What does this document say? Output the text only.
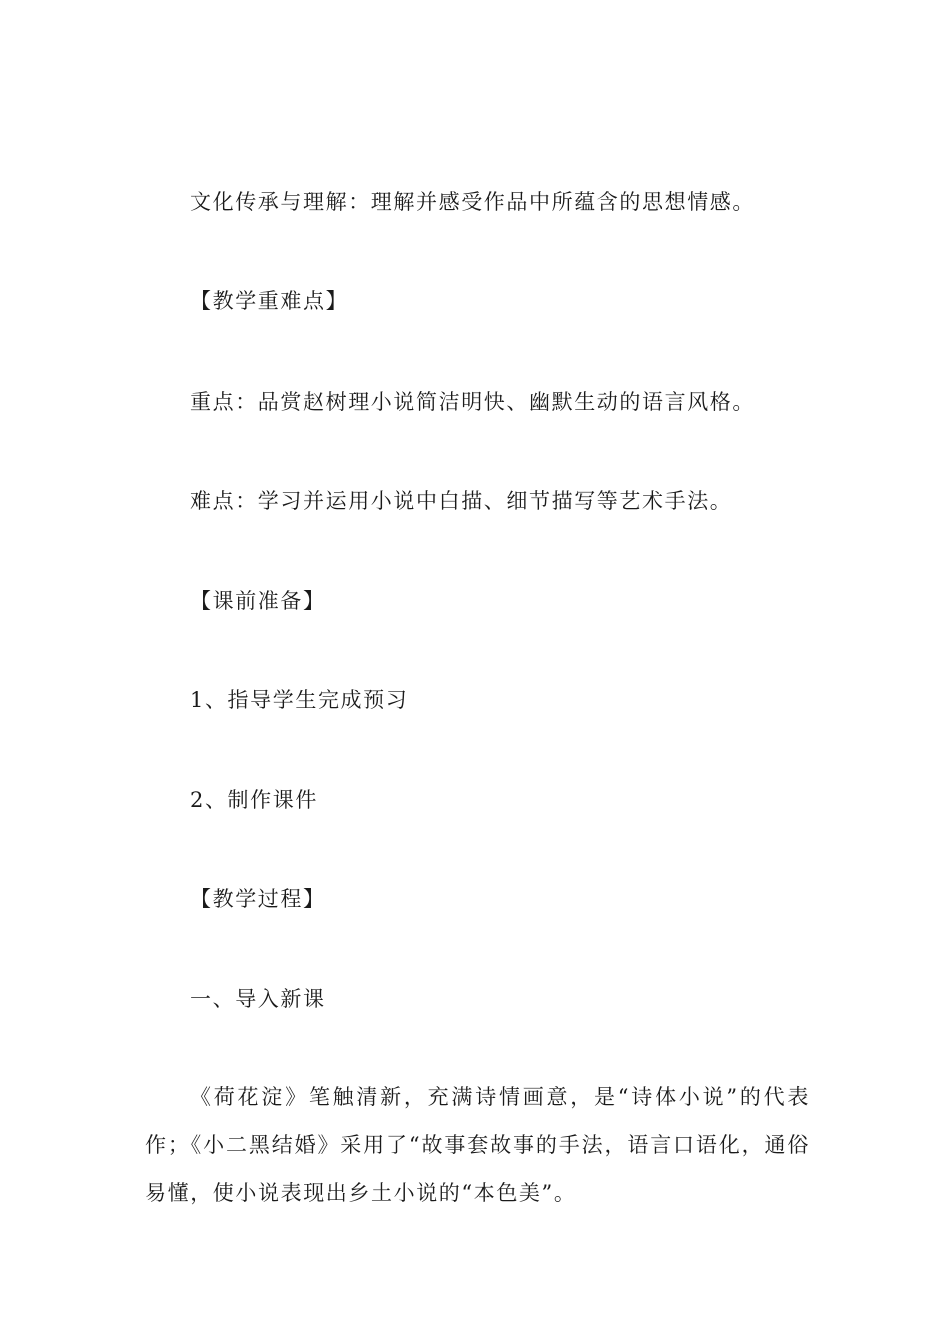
文化传承与理解：理解并感受作品中所蕴含的思想情感。
【教学重难点】
重点：品赏赵树理小说简洁明快、幽默生动的语言风格。
难点：学习并运用小说中白描、细节描写等艺术手法。
【课前准备】
1、指导学生完成预习
2、制作课件
【教学过程】
一、导入新课
《荷花淀》笔触清新，充满诗情画意，是“诗体小说”的代表作；《小二黑结婚》采用了“故事套故事的手法，语言口语化，通俗易懂，使小说表现出乡土小说的“本色美”。
